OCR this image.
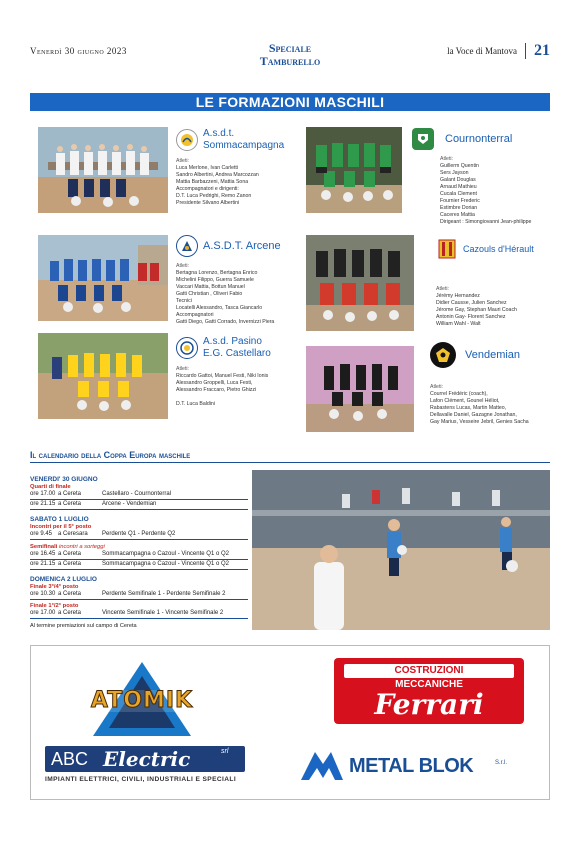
Venerdì 30 giugno 2023	Speciale
Tamburello
la Voce di Mantova 21
LE FORMAZIONI MASCHILI
A.s.d.t.
Sommacampagna
Atleti:
Luca Merlone, Ivan Carletti
Sandro Albertini, Andrea Marcozzan
Mattia Barbazzeni, Mattia Sona
Accompagnatori e dirigenti:
D.T. Luca Pedrighi, Remo Zanon
Presidente Silvano Albertini
Cournonterral
Atleti:
Guillerm Quentin
Sers Jayson
Galant Douglas
Arnaud Mathieu
Cucala Clement
Fournier Frederic
Estimbre Dorian
Caceres Mattia
Dirigeant : Simongiovanni Jean-philippe
A.S.D.T. Arcene
Atleti:
Bertagna Lorenzo, Bertagna Enrico
Michelini Filippo, Guerra Samuele
Vaccari Mattia, Bottun Manuel
Gatti Christian , Oliveri Fabio
Tecnici
Locatelli Alessandro, Tasca Giancarlo
Accompagnatori
Gatti Diego, Gatti Corrado, Invernizzi Piera
Cazouls d'Hérault
Atleti:
Jérémy Hernandez
Didier Causse, Julien Sanchez
Jérome Gay, Stephan Mauri Coach
Antonin Gay- Florent Sanchez
William Wahl - Walt
A.s.d. Pasino
E.G. Castellaro
Atleti:
Riccardo Gattoi, Manuel Festi, Niki Ionis
Alessandro Groppelli, Luca Festi,
Alessandro Fraccaro, Pietro Ghizzi
D.T. Luca Baldini
Vendemian
Atleti:
Courrel Frédéric (coach),
Lafon Clément, Gounel Héliot,
Rabastens Lucas, Martin Matteo,
Dellavalle Daniel, Gazagne Jonathan,
Gay Marius, Vesseire Jebril, Genies Sacha
Il calendario della Coppa Europa maschile
VENERDI' 30 GIUGNO
Quarti di finale
ore 17.00 a Cereta	Castellaro - Cournonterral
ore 21.15 a Cereta	Arcene - Vendemian
SABATO 1 LUGLIO
Incontri per il 5° posto
ore 9.45 a Ceresara	Perdente Q1 - Perdente Q2
Semifinali incontri a sorteggi
ore 16.45 a Cereta	Sommacampagna o Cazoul - Vincente Q1 o Q2
ore 21.15 a Cereta	Sommacampagna o Cazoul - Vincente Q1 o Q2
DOMENICA 2 LUGLIO
Finale 3°/4° posto
ore 10.30 a Cereta	Perdente Semifinale 1 - Perdente Semifinale 2
Finale 1°/2° posto
ore 17.00 a Cereta	Vincente Semifinale 1 - Vincente Semifinale 2
Al termine premiazioni sul campo di Cereta
ATOMIK
COSTRUZIONI
MECCANICHE
Ferrari
ABC Electric	srl
IMPIANTI ELETTRICI, CIVILI, INDUSTRIALI E SPECIALI
METAL BLOK	S.r.l.
